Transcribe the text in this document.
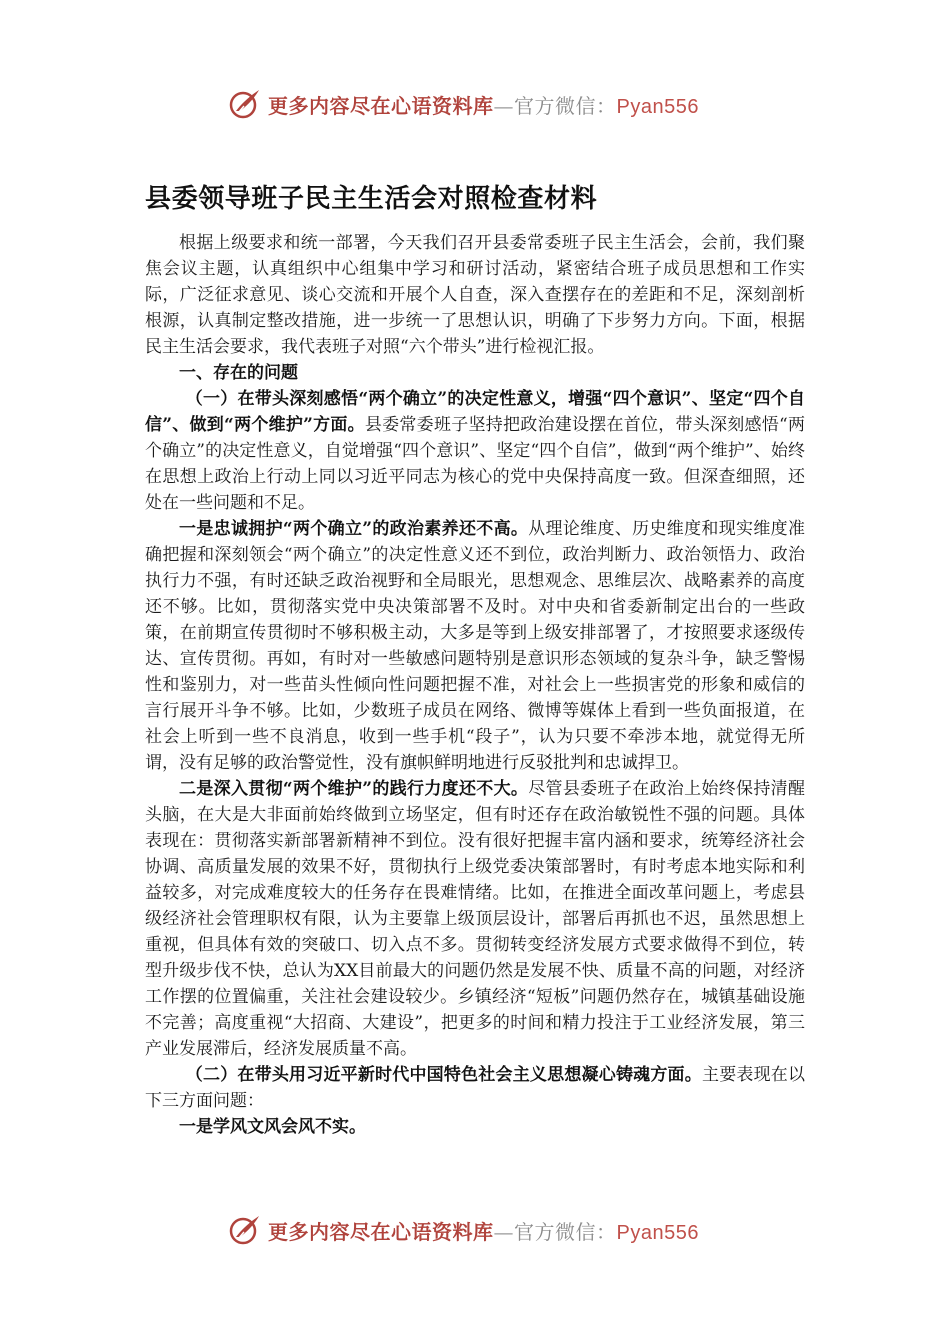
更多内容尽在心语资料库—官方微信：Pyan556
县委领导班子民主生活会对照检查材料

根据上级要求和统一部署，今天我们召开县委常委班子民主生活会，会前，我们聚焦会议主题，认真组织中心组集中学习和研讨活动，紧密结合班子成员思想和工作实际，广泛征求意见、谈心交流和开展个人自查，深入查摆存在的差距和不足，深刻剖析根源，认真制定整改措施，进一步统一了思想认识，明确了下步努力方向。下面，根据民主生活会要求，我代表班子对照“六个带头”进行检视汇报。

一、存在的问题

（一）在带头深刻感悟“两个确立”的决定性意义，增强“四个意识”、坚定“四个自信”、做到“两个维护”方面。县委常委班子坚持把政治建设摆在首位，带头深刻感悟“两个确立”的决定性意义，自觉增强“四个意识”、坚定“四个自信”，做到“两个维护”、始终在思想上政治上行动上同以习近平同志为核心的党中央保持高度一致。但深查细照，还处在一些问题和不足。

一是忠诚拥护“两个确立”的政治素养还不高。从理论维度、历史维度和现实维度准确把握和深刻领会“两个确立”的决定性意义还不到位，政治判断力、政治领悟力、政治执行力不强，有时还缺乏政治视野和全局眼光，思想观念、思维层次、战略素养的高度还不够。比如，贯彻落实党中央决策部署不及时。对中央和省委新制定出台的一些政策，在前期宣传贯彻时不够积极主动，大多是等到上级安排部署了，才按照要求逐级传达、宣传贯彻。再如，有时对一些敏感问题特别是意识形态领域的复杂斗争，缺乏警惕性和鉴别力，对一些苗头性倾向性问题把握不准，对社会上一些损害党的形象和威信的言行展开斗争不够。比如，少数班子成员在网络、微博等媒体上看到一些负面报道，在社会上听到一些不良消息，收到一些手机“段子”，认为只要不牵涉本地，就觉得无所谓，没有足够的政治警觉性，没有旗帜鲜明地进行反驳批判和忠诚捍卫。

二是深入贯彻“两个维护”的践行力度还不大。尽管县委班子在政治上始终保持清醒头脑，在大是大非面前始终做到立场坚定，但有时还存在政治敏锐性不强的问题。具体表现在：贯彻落实新部署新精神不到位。没有很好把握丰富内涵和要求，统筹经济社会协调、高质量发展的效果不好，贯彻执行上级党委决策部署时，有时考虑本地实际和利益较多，对完成难度较大的任务存在畏难情绪。比如，在推进全面改革问题上，考虑县级经济社会管理职权有限，认为主要靠上级顶层设计，部署后再抓也不迟，虽然思想上重视，但具体有效的突破口、切入点不多。贯彻转变经济发展方式要求做得不到位，转型升级步伐不快，总认为XX目前最大的问题仍然是发展不快、质量不高的问题，对经济工作摆的位置偏重，关注社会建设较少。乡镇经济“短板”问题仍然存在，城镇基础设施不完善；高度重视“大招商、大建设”，把更多的时间和精力投注于工业经济发展，第三产业发展滞后，经济发展质量不高。

（二）在带头用习近平新时代中国特色社会主义思想凝心铸魂方面。主要表现在以下三方面问题：

一是学风文风会风不实。

更多内容尽在心语资料库—官方微信：Pyan556
